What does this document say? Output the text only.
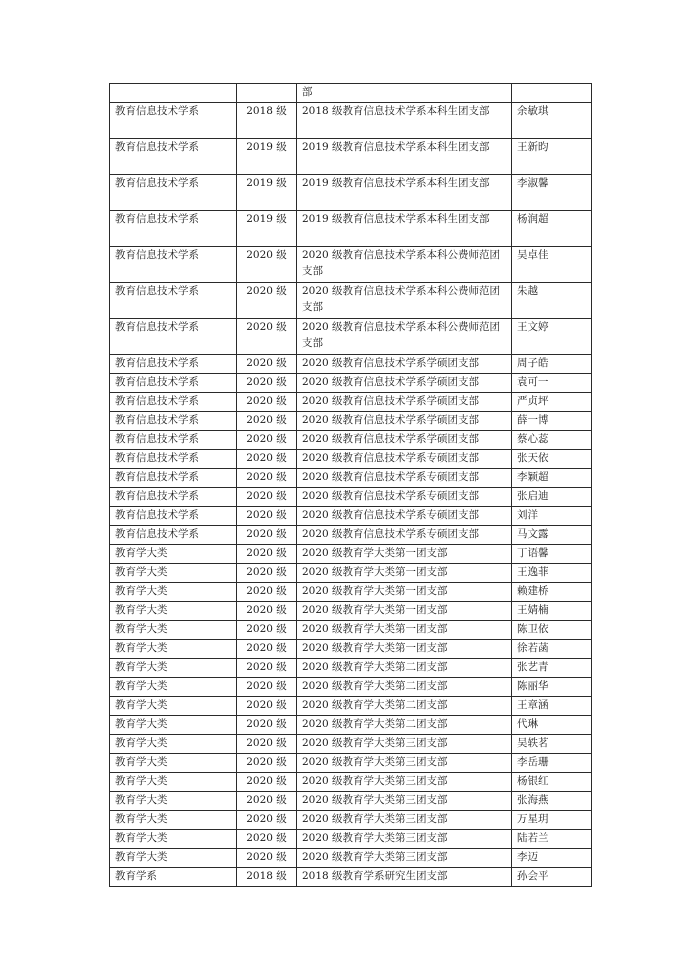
		部	
教育信息技术学系	2018 级	2018 级教育信息技术学系本科生团支部	余敏琪
教育信息技术学系	2019 级	2019 级教育信息技术学系本科生团支部	王新昀
教育信息技术学系	2019 级	2019 级教育信息技术学系本科生团支部	李淑馨
教育信息技术学系	2019 级	2019 级教育信息技术学系本科生团支部	杨润超
教育信息技术学系	2020 级	2020 级教育信息技术学系本科公费师范团支部	吴卓佳
教育信息技术学系	2020 级	2020 级教育信息技术学系本科公费师范团支部	朱越
教育信息技术学系	2020 级	2020 级教育信息技术学系本科公费师范团支部	王文婷
教育信息技术学系	2020 级	2020 级教育信息技术学系学硕团支部	周子皓
教育信息技术学系	2020 级	2020 级教育信息技术学系学硕团支部	袁可一
教育信息技术学系	2020 级	2020 级教育信息技术学系学硕团支部	严贞坪
教育信息技术学系	2020 级	2020 级教育信息技术学系学硕团支部	薛一博
教育信息技术学系	2020 级	2020 级教育信息技术学系学硕团支部	蔡心蕊
教育信息技术学系	2020 级	2020 级教育信息技术学系专硕团支部	张天依
教育信息技术学系	2020 级	2020 级教育信息技术学系专硕团支部	李颖超
教育信息技术学系	2020 级	2020 级教育信息技术学系专硕团支部	张启迪
教育信息技术学系	2020 级	2020 级教育信息技术学系专硕团支部	刘洋
教育信息技术学系	2020 级	2020 级教育信息技术学系专硕团支部	马文露
教育学大类	2020 级	2020 级教育学大类第一团支部	丁语馨
教育学大类	2020 级	2020 级教育学大类第一团支部	王逸菲
教育学大类	2020 级	2020 级教育学大类第一团支部	赖建桥
教育学大类	2020 级	2020 级教育学大类第一团支部	王婧楠
教育学大类	2020 级	2020 级教育学大类第一团支部	陈卫依
教育学大类	2020 级	2020 级教育学大类第一团支部	徐若菡
教育学大类	2020 级	2020 级教育学大类第二团支部	张艺青
教育学大类	2020 级	2020 级教育学大类第二团支部	陈丽华
教育学大类	2020 级	2020 级教育学大类第二团支部	王章涵
教育学大类	2020 级	2020 级教育学大类第二团支部	代琳
教育学大类	2020 级	2020 级教育学大类第三团支部	吴轶茗
教育学大类	2020 级	2020 级教育学大类第三团支部	李岳珊
教育学大类	2020 级	2020 级教育学大类第三团支部	杨银红
教育学大类	2020 级	2020 级教育学大类第三团支部	张海燕
教育学大类	2020 级	2020 级教育学大类第三团支部	万星玥
教育学大类	2020 级	2020 级教育学大类第三团支部	陆若兰
教育学大类	2020 级	2020 级教育学大类第三团支部	李迈
教育学系	2018 级	2018 级教育学系研究生团支部	孙会平
